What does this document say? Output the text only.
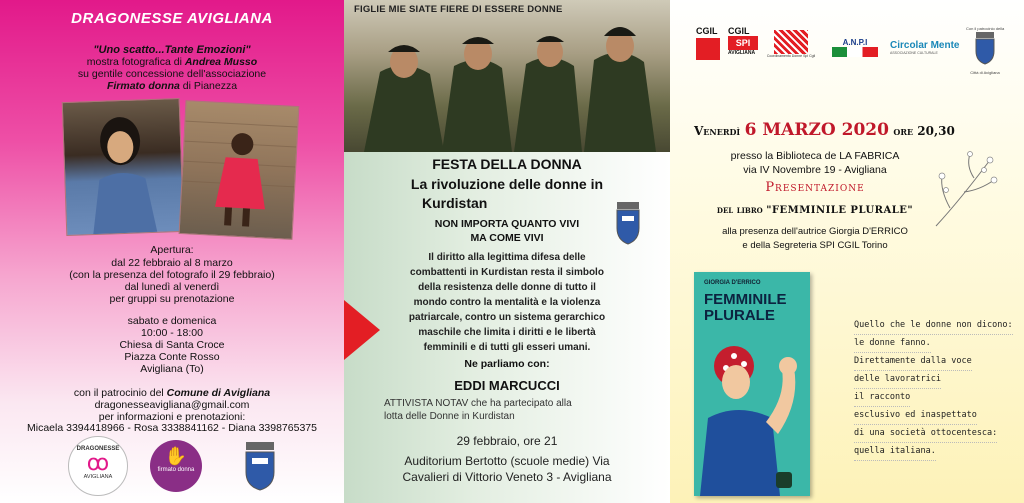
DRAGONESSE AVIGLIANA
"Uno scatto...Tante Emozioni"
mostra fotografica di Andrea Musso
su gentile concessione dell'associazione
Firmato donna di Pianezza
Apertura:
dal 22 febbraio al 8 marzo
(con la presenza del fotografo il 29 febbraio)
dal lunedì al venerdì
per gruppi su prenotazione
sabato e domenica
10:00 - 18:00
Chiesa di Santa Croce
Piazza Conte Rosso
Avigliana (To)
con il patrocinio del Comune di Avigliana
dragonesseavigliana@gmail.com
per informazioni e prenotazioni:
Micaela 3394418966 - Rosa 3338841162 - Diana 3398765375
DRAGONESSE
ꝏ
AVIGLIANA
✋
firmato donna
FIGLIE MIE SIATE FIERE DI ESSERE DONNE
FESTA DELLA DONNA
La rivoluzione delle donne in
Kurdistan
NON IMPORTA QUANTO VIVI
MA COME VIVI
Il diritto alla legittima difesa delle
combattenti in Kurdistan resta il simbolo
della resistenza delle donne di tutto il
mondo contro la mentalità e la violenza
patriarcale, contro un sistema gerarchico
maschile che limita i diritti e le libertà
femminili e di tutti gli esseri umani.
Ne parliamo con:
EDDI MARCUCCI
ATTIVISTA NOTAV che ha partecipato alla
lotta delle Donne in Kurdistan
29 febbraio, ore 21
Auditorium Bertotto (scuole medie) Via
Cavalieri di Vittorio Veneto 3 - Avigliana
CGIL CGIL
SPI
AVIGLIANA	Coordinamento Donne Spi Cgil
A.N.P.I	Circolar Mente
ASSOCIAZIONE CULTURALE
Con il patrocinio della
Città di Avigliana
Venerdì 6 MARZO 2020 ore 20,30
presso la Biblioteca de LA FABRICA
via IV Novembre 19 - Avigliana
Presentazione
del libro "FEMMINILE PLURALE"
alla presenza dell'autrice Giorgia D'ERRICO
e della Segreteria SPI CGIL Torino
GIORGIA D'ERRICO
FEMMINILE
PLURALE
Quello che le donne non dicono:
le donne fanno.
Direttamente dalla voce
delle lavoratrici
il racconto
esclusivo ed inaspettato
di una società ottocentesca:
quella italiana.
